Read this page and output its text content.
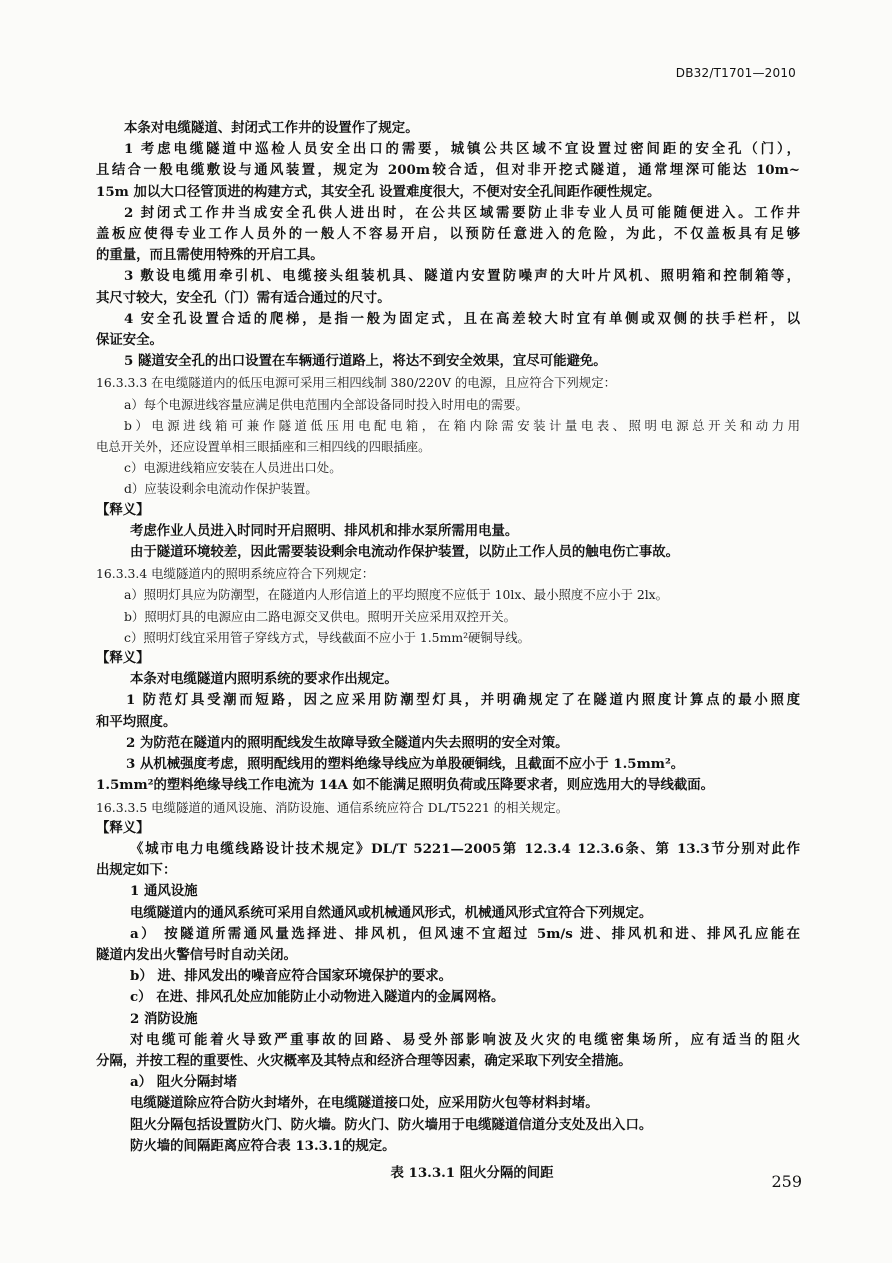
DB32/T1701—2010
本条对电缆隧道、封闭式工作井的设置作了规定。
1 考虑电缆隧道中巡检人员安全出口的需要，城镇公共区域不宜设置过密间距的安全孔（门），
且结合一般电缆敷设与通风装置，规定为 200m较合适，但对非开挖式隧道，通常埋深可能达 10m~
15m 加以大口径管顶进的构建方式，其安全孔 设置难度很大，不便对安全孔间距作硬性规定。
2 封闭式工作井当成安全孔供人进出时，在公共区域需要防止非专业人员可能随便进入。工作井
盖板应使得专业工作人员外的一般人不容易开启，以预防任意进入的危险，为此，不仅盖板具有足够
的重量，而且需使用特殊的开启工具。
3 敷设电缆用牵引机、电缆接头组装机具、隧道内安置防噪声的大叶片风机、照明箱和控制箱等，
其尺寸较大，安全孔（门）需有适合通过的尺寸。
4 安全孔设置合适的爬梯，是指一般为固定式，且在高差较大时宜有单侧或双侧的扶手栏杆，以
保证安全。
5 隧道安全孔的出口设置在车辆通行道路上，将达不到安全效果，宜尽可能避免。
16.3.3.3 在电缆隧道内的低压电源可采用三相四线制 380/220V 的电源，且应符合下列规定：
a）每个电源进线容量应满足供电范围内全部设备同时投入时用电的需要。
b）电源进线箱可兼作隧道低压用电配电箱，在箱内除需安装计量电表、照明电源总开关和动力用
电总开关外，还应设置单相三眼插座和三相四线的四眼插座。
c）电源进线箱应安装在人员进出口处。
d）应装设剩余电流动作保护装置。
【释义】
考虑作业人员进入时同时开启照明、排风机和排水泵所需用电量。
由于隧道环境较差，因此需要装设剩余电流动作保护装置，以防止工作人员的触电伤亡事故。
16.3.3.4 电缆隧道内的照明系统应符合下列规定：
a）照明灯具应为防潮型，在隧道内人形信道上的平均照度不应低于 10lx、最小照度不应小于 2lx。
b）照明灯具的电源应由二路电源交叉供电。照明开关应采用双控开关。
c）照明灯线宜采用管子穿线方式，导线截面不应小于 1.5mm²硬铜导线。
【释义】
本条对电缆隧道内照明系统的要求作出规定。
1 防范灯具受潮而短路，因之应采用防潮型灯具，并明确规定了在隧道内照度计算点的最小照度
和平均照度。
2 为防范在隧道内的照明配线发生故障导致全隧道内失去照明的安全对策。
3 从机械强度考虑，照明配线用的塑料绝缘导线应为单股硬铜线，且截面不应小于 1.5mm²。
1.5mm²的塑料绝缘导线工作电流为 14A 如不能满足照明负荷或压降要求者，则应选用大的导线截面。
16.3.3.5 电缆隧道的通风设施、消防设施、通信系统应符合 DL/T5221 的相关规定。
【释义】
《城市电力电缆线路设计技术规定》DL/T 5221—2005第 12.3.4 12.3.6条、第 13.3节分别对此作
出规定如下：
1 通风设施
电缆隧道内的通风系统可采用自然通风或机械通风形式，机械通风形式宜符合下列规定。
a） 按隧道所需通风量选择进、排风机，但风速不宜超过 5m/s 进、排风机和进、排风孔应能在
隧道内发出火警信号时自动关闭。
b） 进、排风发出的噪音应符合国家环境保护的要求。
c） 在进、排风孔处应加能防止小动物进入隧道内的金属网格。
2 消防设施
对电缆可能着火导致严重事故的回路、易受外部影响波及火灾的电缆密集场所，应有适当的阻火
分隔，并按工程的重要性、火灾概率及其特点和经济合理等因素，确定采取下列安全措施。
a） 阻火分隔封堵
电缆隧道除应符合防火封堵外，在电缆隧道接口处，应采用防火包等材料封堵。
阻火分隔包括设置防火门、防火墙。防火门、防火墙用于电缆隧道信道分支处及出入口。
防火墙的间隔距离应符合表 13.3.1的规定。
表 13.3.1 阻火分隔的间距	259
